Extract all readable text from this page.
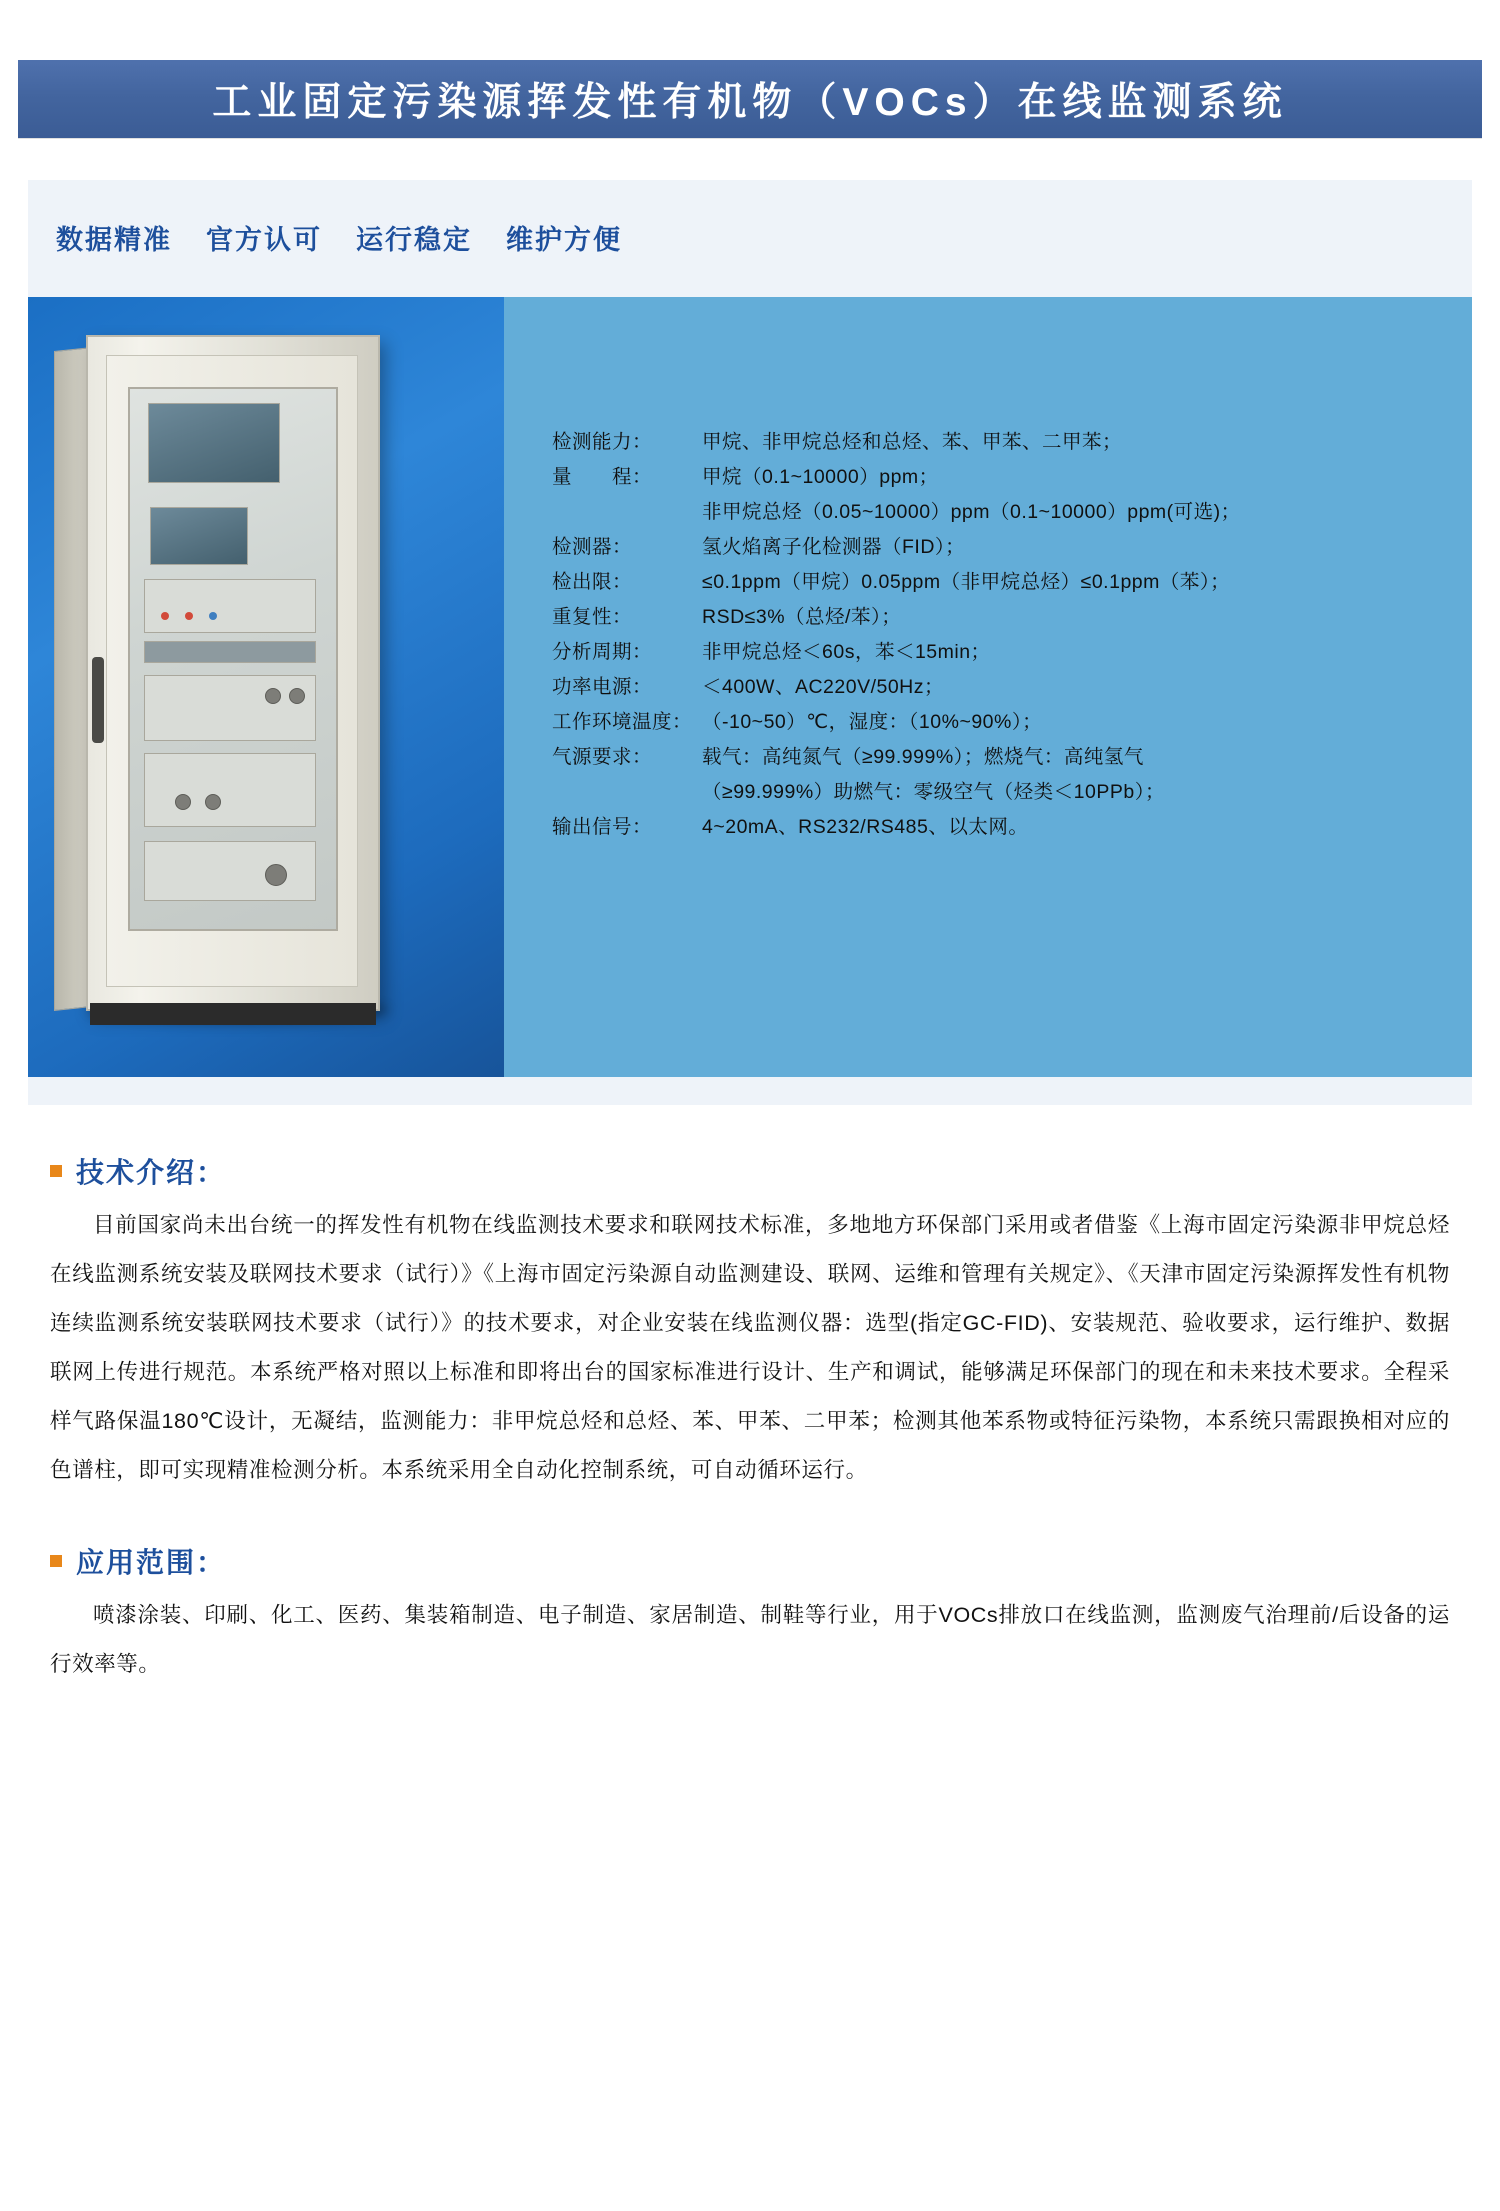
工业固定污染源挥发性有机物（VOCs）在线监测系统
数据精准 官方认可 运行稳定 维护方便
检测能力：	甲烷、非甲烷总烃和总烃、苯、甲苯、二甲苯；
量　　程：	甲烷（0.1~10000）ppm；
非甲烷总烃（0.05~10000）ppm（0.1~10000）ppm(可选)；
检测器：	氢火焰离子化检测器（FID）；
检出限：	≤0.1ppm（甲烷）0.05ppm（非甲烷总烃）≤0.1ppm（苯）；
重复性：	RSD≤3%（总烃/苯）；
分析周期：	非甲烷总烃＜60s，苯＜15min；
功率电源：	＜400W、AC220V/50Hz；
工作环境温度： （-10~50）℃，湿度：（10%~90%）；
气源要求：	载气：高纯氮气（≥99.999%）；燃烧气：高纯氢气
（≥99.999%）助燃气：零级空气（烃类＜10PPb）；
输出信号：	4~20mA、RS232/RS485、以太网。
技术介绍：
目前国家尚未出台统一的挥发性有机物在线监测技术要求和联网技术标准，多地地方环保部门采用或者借鉴《上海市固定污染源非甲烷总烃在线监测系统安装及联网技术要求（试行）》《上海市固定污染源自动监测建设、联网、运维和管理有关规定》、《天津市固定污染源挥发性有机物连续监测系统安装联网技术要求（试行）》的技术要求，对企业安装在线监测仪器：选型(指定GC-FID)、安装规范、验收要求，运行维护、数据联网上传进行规范。本系统严格对照以上标准和即将出台的国家标准进行设计、生产和调试，能够满足环保部门的现在和未来技术要求。全程采样气路保温180℃设计，无凝结，监测能力：非甲烷总烃和总烃、苯、甲苯、二甲苯；检测其他苯系物或特征污染物，本系统只需跟换相对应的色谱柱，即可实现精准检测分析。本系统采用全自动化控制系统，可自动循环运行。
应用范围：
喷漆涂装、印刷、化工、医药、集装箱制造、电子制造、家居制造、制鞋等行业，用于VOCs排放口在线监测，监测废气治理前/后设备的运行效率等。
